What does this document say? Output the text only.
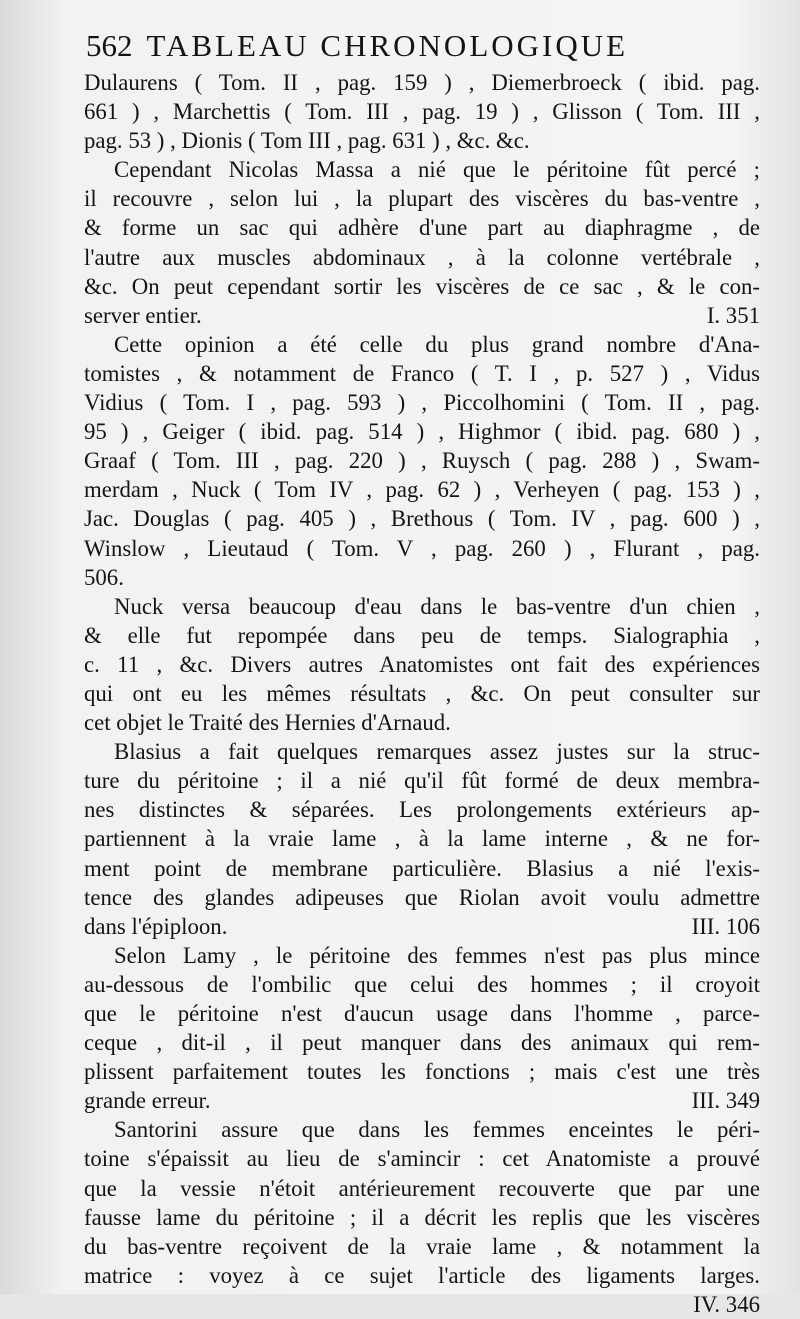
562 TABLEAU CHRONOLOGIQUE
Dulaurens ( Tom. II , pag. 159 ) , Diemerbroeck ( ibid. pag.
661 ) , Marchettis ( Tom. III , pag. 19 ) , Glisson ( Tom. III ,
pag. 53 ) , Dionis ( Tom III , pag. 631 ) , &c. &c.
Cependant Nicolas Massa a nié que le péritoine fût percé ;
il recouvre , selon lui , la plupart des viscères du bas-ventre ,
& forme un sac qui adhère d'une part au diaphragme , de
l'autre aux muscles abdominaux , à la colonne vertébrale ,
&c. On peut cependant sortir les viscères de ce sac , & le con-
server entier.	I. 351
Cette opinion a été celle du plus grand nombre d'Ana-
tomistes , & notamment de Franco ( T. I , p. 527 ) , Vidus
Vidius ( Tom. I , pag. 593 ) , Piccolhomini ( Tom. II , pag.
95 ) , Geiger ( ibid. pag. 514 ) , Highmor ( ibid. pag. 680 ) ,
Graaf ( Tom. III , pag. 220 ) , Ruysch ( pag. 288 ) , Swam-
merdam , Nuck ( Tom IV , pag. 62 ) , Verheyen ( pag. 153 ) ,
Jac. Douglas ( pag. 405 ) , Brethous ( Tom. IV , pag. 600 ) ,
Winslow , Lieutaud ( Tom. V , pag. 260 ) , Flurant , pag.
506.
Nuck versa beaucoup d'eau dans le bas-ventre d'un chien ,
& elle fut repompée dans peu de temps. Sialographia ,
c. 11 , &c. Divers autres Anatomistes ont fait des expériences
qui ont eu les mêmes résultats , &c. On peut consulter sur
cet objet le Traité des Hernies d'Arnaud.
Blasius a fait quelques remarques assez justes sur la struc-
ture du péritoine ; il a nié qu'il fût formé de deux membra-
nes distinctes & séparées. Les prolongements extérieurs ap-
partiennent à la vraie lame , à la lame interne , & ne for-
ment point de membrane particulière. Blasius a nié l'exis-
tence des glandes adipeuses que Riolan avoit voulu admettre
dans l'épiploon.	III. 106
Selon Lamy , le péritoine des femmes n'est pas plus mince
au-dessous de l'ombilic que celui des hommes ; il croyoit
que le péritoine n'est d'aucun usage dans l'homme , parce-
ceque , dit-il , il peut manquer dans des animaux qui rem-
plissent parfaitement toutes les fonctions ; mais c'est une très
grande erreur.	III. 349
Santorini assure que dans les femmes enceintes le péri-
toine s'épaissit au lieu de s'amincir : cet Anatomiste a prouvé
que la vessie n'étoit antérieurement recouverte que par une
fausse lame du péritoine ; il a décrit les replis que les viscères
du bas-ventre reçoivent de la vraie lame , & notamment la
matrice : voyez à ce sujet l'article des ligaments larges.
IV. 346
